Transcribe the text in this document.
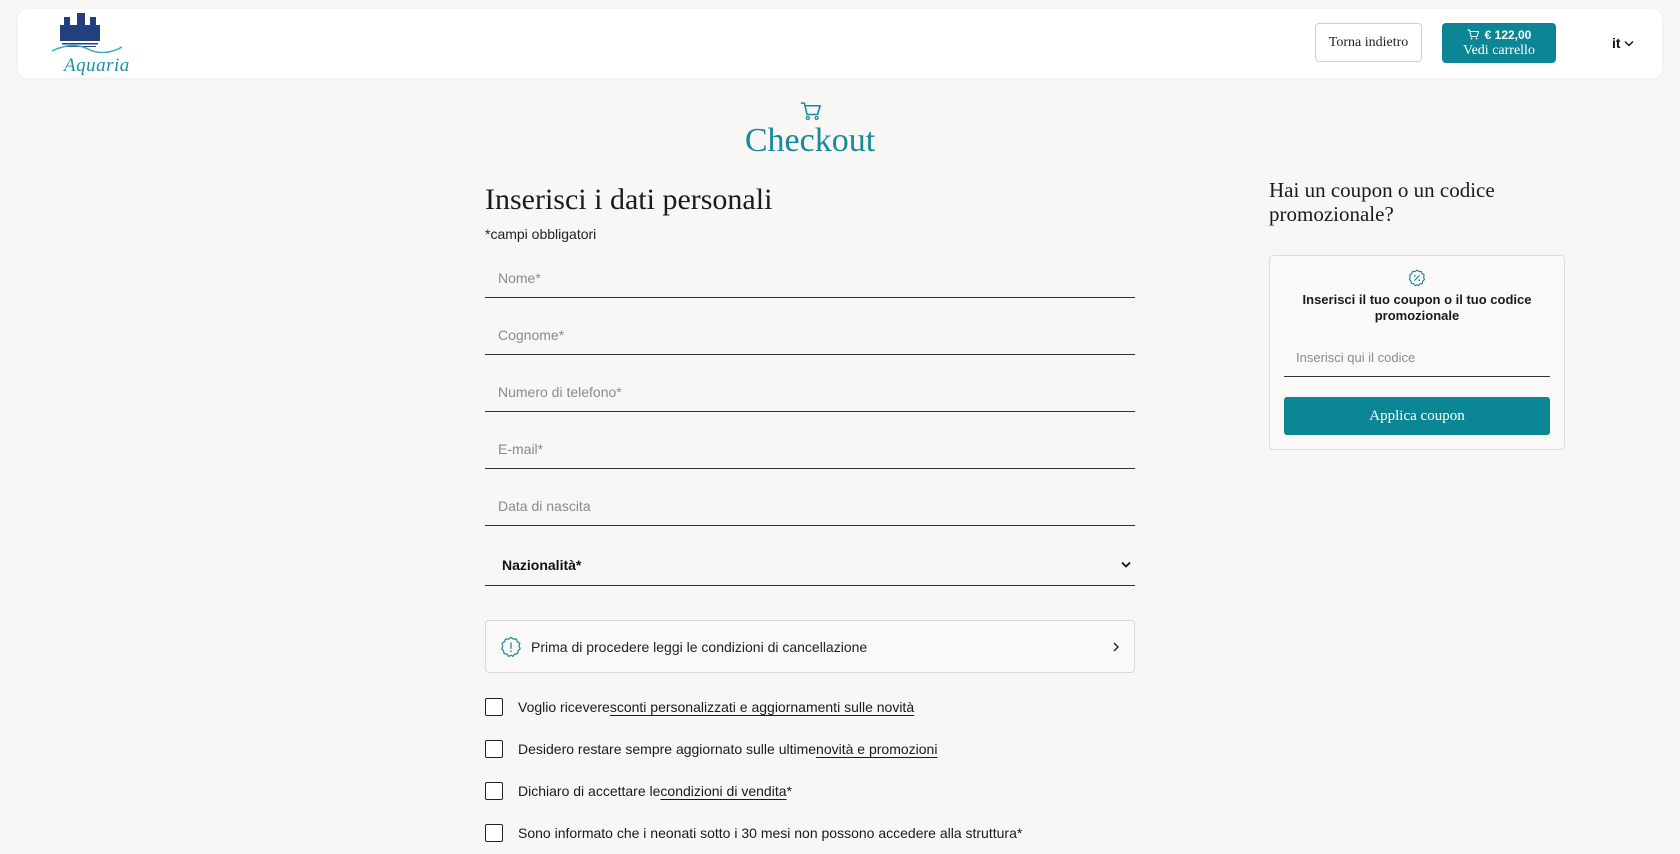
Aquaria
Torna indietro	€ 122,00
Vedi carrello	it
Checkout
Inserisci i dati personali
*campi obbligatori
Nome*
Cognome*
Numero di telefono*
E-mail*
Data di nascita
Nazionalità*
Prima di procedere leggi le condizioni di cancellazione
Voglio ricevere sconti personalizzati e aggiornamenti sulle novità
Desidero restare sempre aggiornato sulle ultime novità e promozioni
Dichiaro di accettare le condizioni di vendita *
Sono informato che i neonati sotto i 30 mesi non possono accedere alla struttura*
Hai un coupon o un codice promozionale?
Inserisci il tuo coupon o il tuo codice promozionale
Inserisci qui il codice
Applica coupon
